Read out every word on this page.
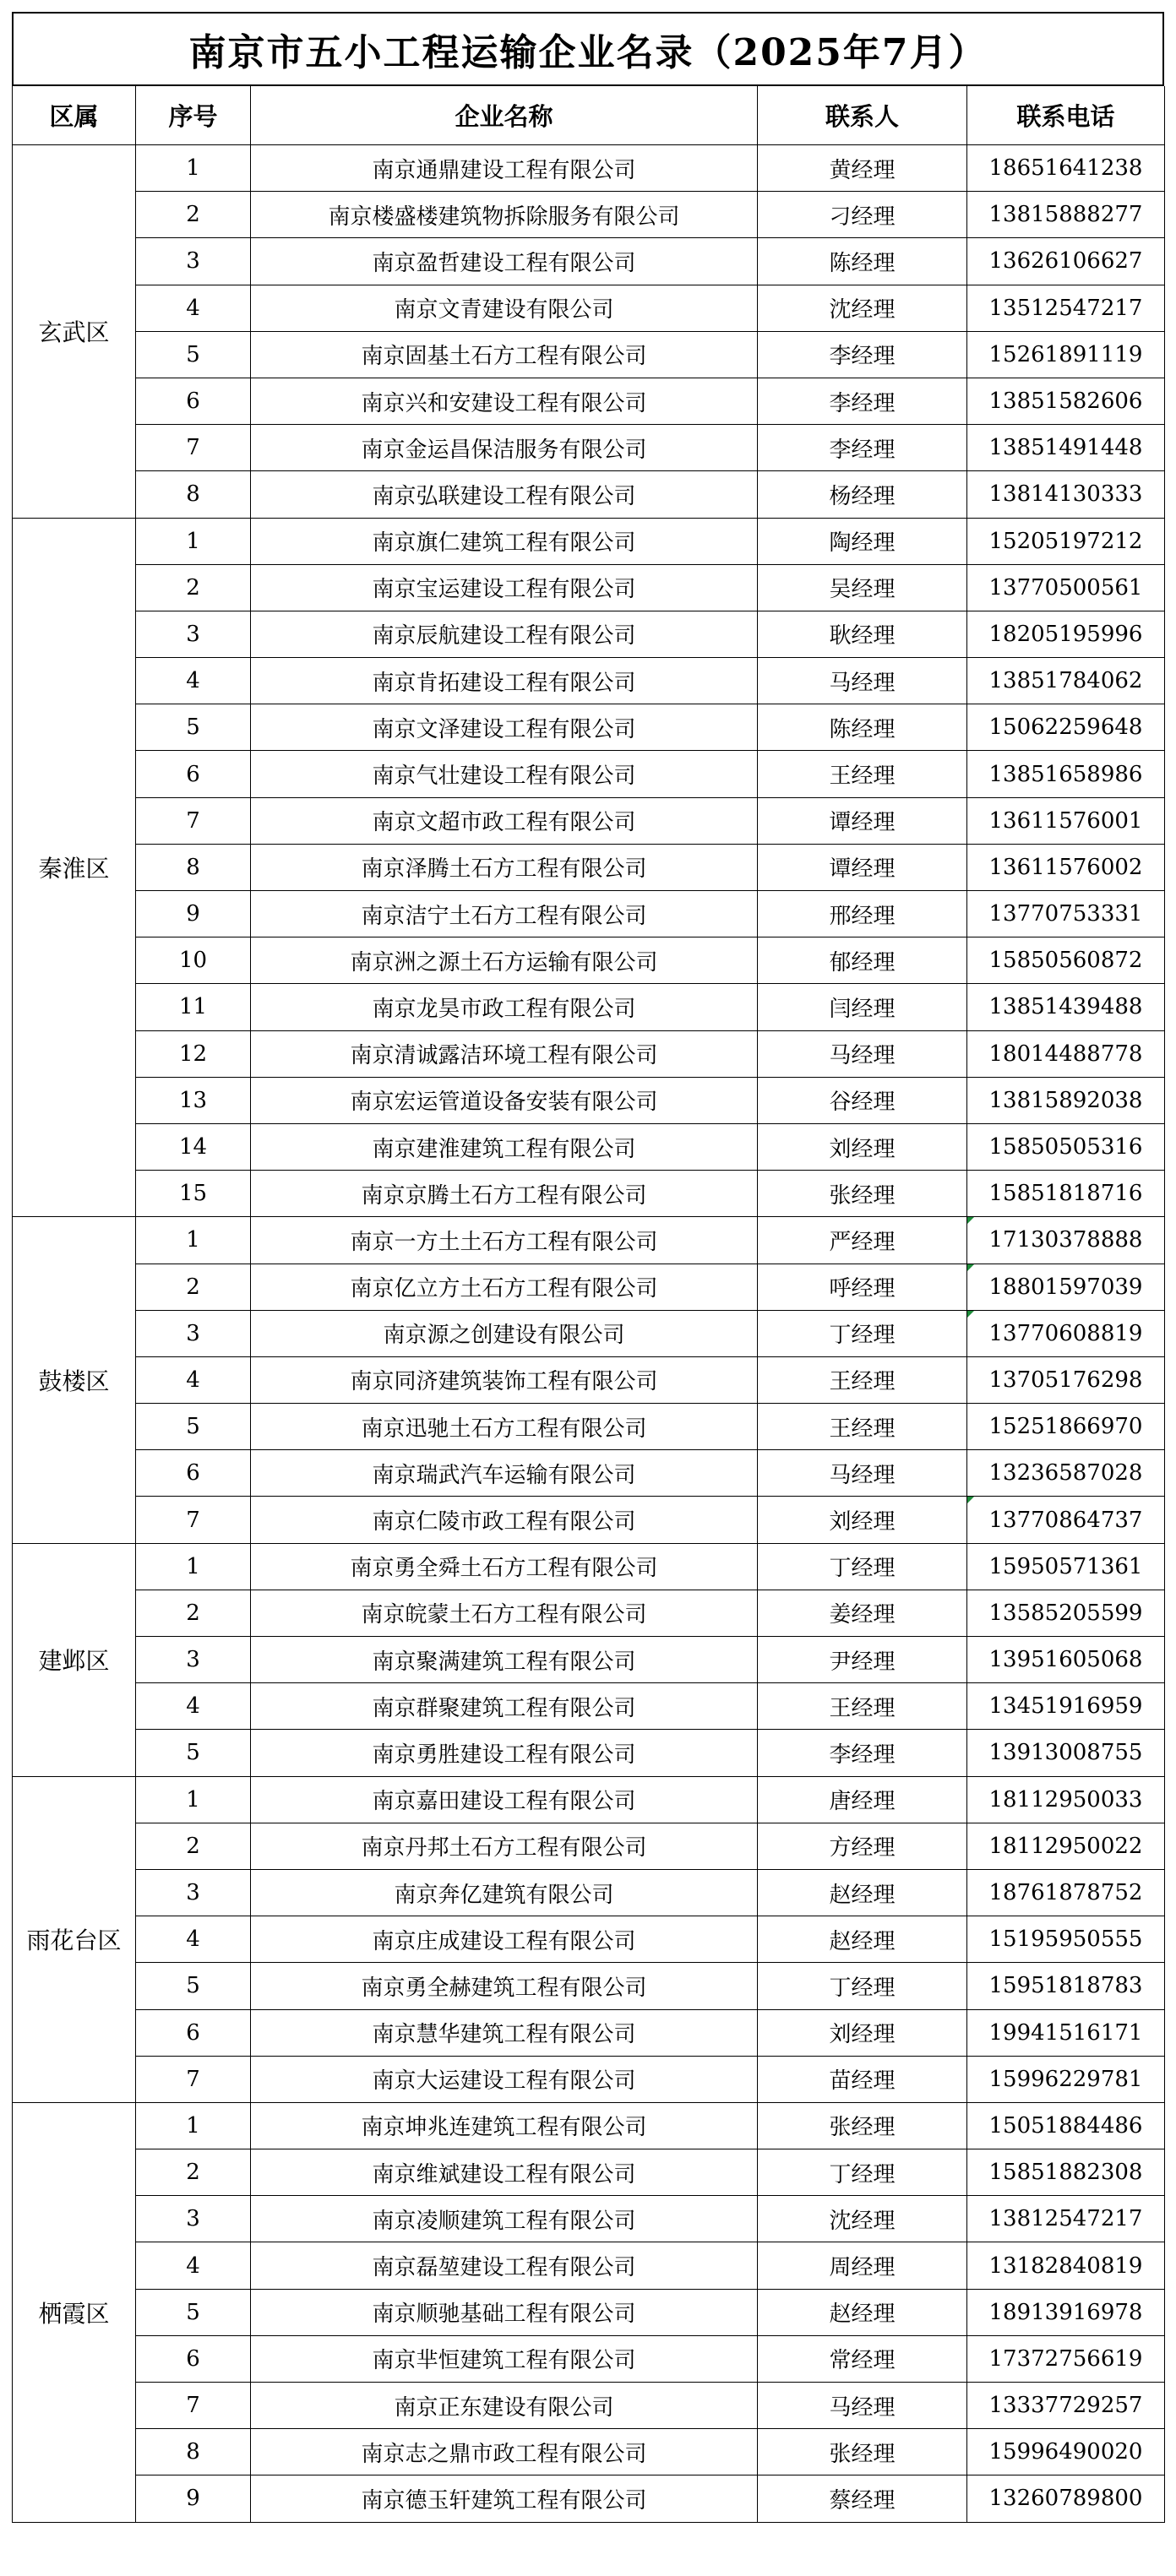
南京市五小工程运输企业名录（2025年7月）
区属	序号	企业名称	联系人	联系电话
玄武区	1	南京通鼎建设工程有限公司	黄经理	18651641238
	2	南京楼盛楼建筑物拆除服务有限公司	刁经理	13815888277
	3	南京盈哲建设工程有限公司	陈经理	13626106627
	4	南京文青建设有限公司	沈经理	13512547217
	5	南京固基土石方工程有限公司	李经理	15261891119
	6	南京兴和安建设工程有限公司	李经理	13851582606
	7	南京金运昌保洁服务有限公司	李经理	13851491448
	8	南京弘联建设工程有限公司	杨经理	13814130333
秦淮区	1	南京旗仁建筑工程有限公司	陶经理	15205197212
	2	南京宝运建设工程有限公司	吴经理	13770500561
	3	南京辰航建设工程有限公司	耿经理	18205195996
	4	南京肯拓建设工程有限公司	马经理	13851784062
	5	南京文泽建设工程有限公司	陈经理	15062259648
	6	南京气壮建设工程有限公司	王经理	13851658986
	7	南京文超市政工程有限公司	谭经理	13611576001
	8	南京泽腾土石方工程有限公司	谭经理	13611576002
	9	南京洁宁土石方工程有限公司	邢经理	13770753331
	10	南京洲之源土石方运输有限公司	郁经理	15850560872
	11	南京龙昊市政工程有限公司	闫经理	13851439488
	12	南京清诚露洁环境工程有限公司	马经理	18014488778
	13	南京宏运管道设备安装有限公司	谷经理	13815892038
	14	南京建淮建筑工程有限公司	刘经理	15850505316
	15	南京京腾土石方工程有限公司	张经理	15851818716
鼓楼区	1	南京一方土土石方工程有限公司	严经理	17130378888
	2	南京亿立方土石方工程有限公司	呼经理	18801597039
	3	南京源之创建设有限公司	丁经理	13770608819
	4	南京同济建筑装饰工程有限公司	王经理	13705176298
	5	南京迅驰土石方工程有限公司	王经理	15251866970
	6	南京瑞武汽车运输有限公司	马经理	13236587028
	7	南京仁陵市政工程有限公司	刘经理	13770864737
建邺区	1	南京勇全舜土石方工程有限公司	丁经理	15950571361
	2	南京皖蒙土石方工程有限公司	姜经理	13585205599
	3	南京聚满建筑工程有限公司	尹经理	13951605068
	4	南京群聚建筑工程有限公司	王经理	13451916959
	5	南京勇胜建设工程有限公司	李经理	13913008755
雨花台区	1	南京嘉田建设工程有限公司	唐经理	18112950033
	2	南京丹邦土石方工程有限公司	方经理	18112950022
	3	南京奔亿建筑有限公司	赵经理	18761878752
	4	南京庄成建设工程有限公司	赵经理	15195950555
	5	南京勇全赫建筑工程有限公司	丁经理	15951818783
	6	南京慧华建筑工程有限公司	刘经理	19941516171
	7	南京大运建设工程有限公司	苗经理	15996229781
栖霞区	1	南京坤兆连建筑工程有限公司	张经理	15051884486
	2	南京维斌建设工程有限公司	丁经理	15851882308
	3	南京凌顺建筑工程有限公司	沈经理	13812547217
	4	南京磊堃建设工程有限公司	周经理	13182840819
	5	南京顺驰基础工程有限公司	赵经理	18913916978
	6	南京芈恒建筑工程有限公司	常经理	17372756619
	7	南京正东建设有限公司	马经理	13337729257
	8	南京志之鼎市政工程有限公司	张经理	15996490020
	9	南京德玉轩建筑工程有限公司	蔡经理	13260789800
